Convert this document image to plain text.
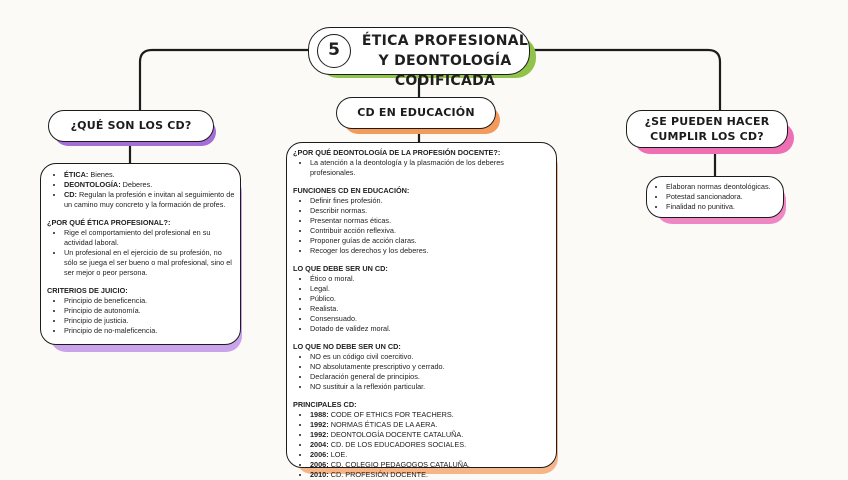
5	ÉTICA PROFESIONAL Y DEONTOLOGÍA CODIFICADA
¿QUÉ SON LOS CD?
CD EN EDUCACIÓN
¿SE PUEDEN HACER CUMPLIR LOS CD?
• ÉTICA: Bienes.
• DEONTOLOGÍA: Deberes.
• CD: Regulan la profesión e invitan al seguimiento de un camino muy concreto y la formación de profes.

¿POR QUÉ ÉTICA PROFESIONAL?:

• Rige el comportamiento del profesional en su actividad laboral.
• Un profesional en el ejercicio de su profesión, no sólo se juega el ser bueno o mal profesional, sino el ser mejor o peor persona.

CRITERIOS DE JUICIO:

• Principio de beneficencia.
• Principio de autonomía.
• Principio de justicia.
• Principio de no-maleficencia.

¿POR QUÉ DEONTOLOGÍA DE LA PROFESIÓN DOCENTE?:

• La atención a la deontología y la plasmación de los deberes profesionales.

FUNCIONES CD EN EDUCACIÓN:

• Definir fines profesión.
• Describir normas.
• Presentar normas éticas.
• Contribuir acción reflexiva.
• Proponer guías de acción claras.
• Recoger los derechos y los deberes.

LO QUE DEBE SER UN CD:

• Ético o moral.
• Legal.
• Público.
• Realista.
• Consensuado.
• Dotado de validez moral.

LO QUE NO DEBE SER UN CD:

• NO es un código civil coercitivo.
• NO absolutamente prescriptivo y cerrado.
• Declaración general de principios.
• NO sustituir a la reflexión particular.

PRINCIPALES CD:

• 1988: CODE OF ETHICS FOR TEACHERS.
• 1992: NORMAS ÉTICAS DE LA AERA.
• 1992: DEONTOLOGÍA DOCENTE CATALUÑA.
• 2004: CD. DE LOS EDUCADORES SOCIALES.
• 2006: LOE.
• 2006: CD. COLEGIO PEDAGOGOS CATALUÑA.
• 2010: CD. PROFESIÓN DOCENTE.
• Elaboran normas deontológicas.
• Potestad sancionadora.
• Finalidad no punitiva.
